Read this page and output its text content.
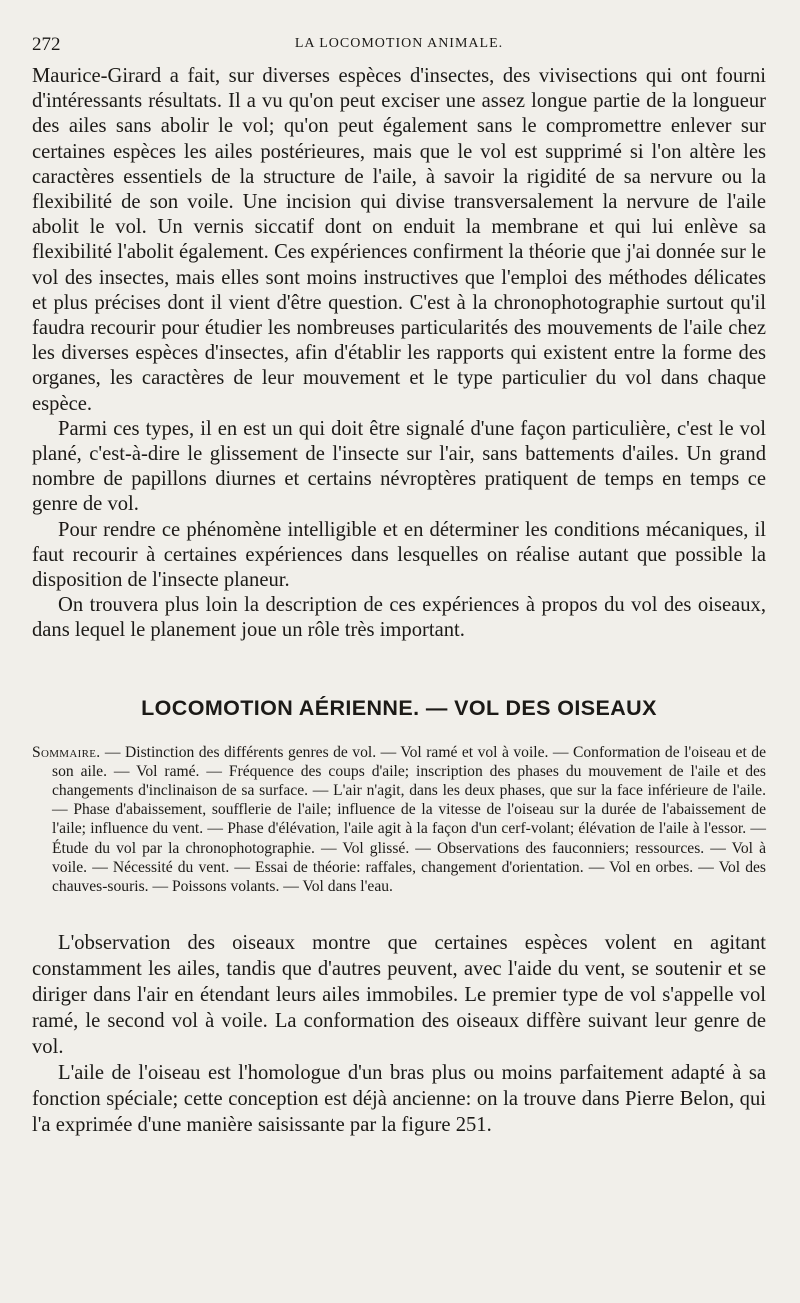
272	LA LOCOMOTION ANIMALE.

Maurice-Girard a fait, sur diverses espèces d'insectes, des vivisections qui ont fourni d'intéressants résultats. Il a vu qu'on peut exciser une assez longue partie de la longueur des ailes sans abolir le vol; qu'on peut également sans le compromettre enlever sur certaines espèces les ailes postérieures, mais que le vol est supprimé si l'on altère les caractères essentiels de la structure de l'aile, à savoir la rigidité de sa nervure ou la flexibilité de son voile. Une incision qui divise transversalement la nervure de l'aile abolit le vol. Un vernis siccatif dont on enduit la membrane et qui lui enlève sa flexibilité l'abolit également. Ces expériences confirment la théorie que j'ai donnée sur le vol des insectes, mais elles sont moins instructives que l'emploi des méthodes délicates et plus précises dont il vient d'être question. C'est à la chronophotographie surtout qu'il faudra recourir pour étudier les nombreuses particularités des mouvements de l'aile chez les diverses espèces d'insectes, afin d'établir les rapports qui existent entre la forme des organes, les caractères de leur mouvement et le type particulier du vol dans chaque espèce.

Parmi ces types, il en est un qui doit être signalé d'une façon particulière, c'est le vol plané, c'est-à-dire le glissement de l'insecte sur l'air, sans battements d'ailes. Un grand nombre de papillons diurnes et certains névroptères pratiquent de temps en temps ce genre de vol.

Pour rendre ce phénomène intelligible et en déterminer les conditions mécaniques, il faut recourir à certaines expériences dans lesquelles on réalise autant que possible la disposition de l'insecte planeur.

On trouvera plus loin la description de ces expériences à propos du vol des oiseaux, dans lequel le planement joue un rôle très important.

LOCOMOTION AÉRIENNE. — VOL DES OISEAUX

Sommaire. — Distinction des différents genres de vol. — Vol ramé et vol à voile. — Conformation de l'oiseau et de son aile. — Vol ramé. — Fréquence des coups d'aile; inscription des phases du mouvement de l'aile et des changements d'inclinaison de sa surface. — L'air n'agit, dans les deux phases, que sur la face inférieure de l'aile. — Phase d'abaissement, soufflerie de l'aile; influence de la vitesse de l'oiseau sur la durée de l'abaissement de l'aile; influence du vent. — Phase d'élévation, l'aile agit à la façon d'un cerf-volant; élévation de l'aile à l'essor. — Étude du vol par la chronophotographie. — Vol glissé. — Observations des fauconniers; ressources. — Vol à voile. — Nécessité du vent. — Essai de théorie: raffales, changement d'orientation. — Vol en orbes. — Vol des chauves-souris. — Poissons volants. — Vol dans l'eau.

L'observation des oiseaux montre que certaines espèces volent en agitant constamment les ailes, tandis que d'autres peuvent, avec l'aide du vent, se soutenir et se diriger dans l'air en étendant leurs ailes immobiles. Le premier type de vol s'appelle vol ramé, le second vol à voile. La conformation des oiseaux diffère suivant leur genre de vol.

L'aile de l'oiseau est l'homologue d'un bras plus ou moins parfaitement adapté à sa fonction spéciale; cette conception est déjà ancienne: on la trouve dans Pierre Belon, qui l'a exprimée d'une manière saisissante par la figure 251.
